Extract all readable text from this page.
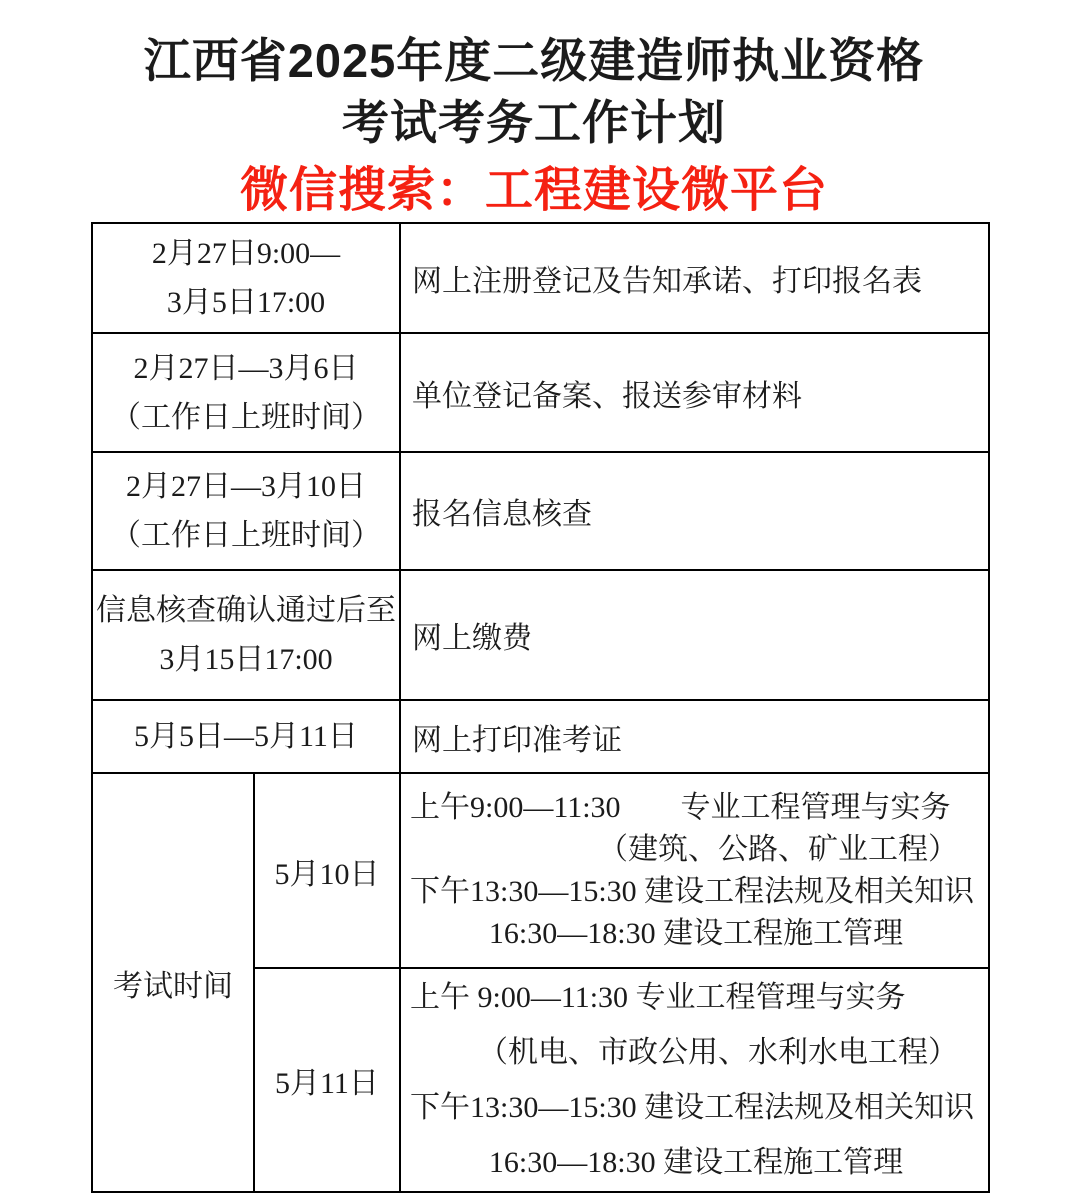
江西省2025年度二级建造师执业资格
考试考务工作计划
微信搜索：工程建设微平台
2月27日9:00—
3月5日17:00		网上注册登记及告知承诺、打印报名表

2月27日—3月6日
（工作日上班时间）		单位登记备案、报送参审材料

2月27日—3月10日
（工作日上班时间）		报名信息核查

信息核查确认通过后至
3月15日17:00		网上缴费

5月5日—5月11日		网上打印准考证
考试时间	5月10日	上午9:00—11:30　　专业工程管理与实务
（建筑、公路、矿业工程）
下午13:30—15:30 建设工程法规及相关知识
16:30—18:30 建设工程施工管理

	5月11日	上午 9:00—11:30 专业工程管理与实务
（机电、市政公用、水利水电工程）
下午13:30—15:30 建设工程法规及相关知识
16:30—18:30 建设工程施工管理
